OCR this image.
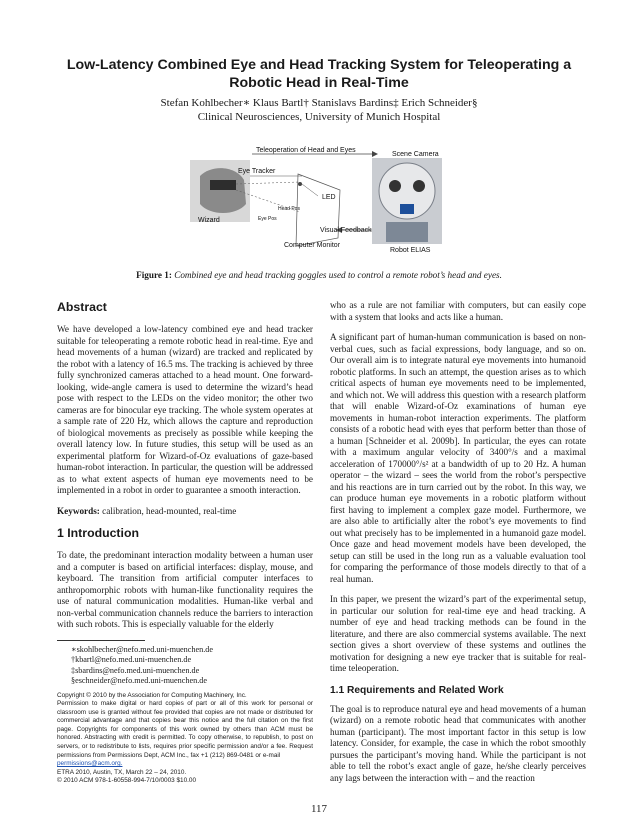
Low-Latency Combined Eye and Head Tracking System for Teleoperating a Robotic Head in Real-Time
Stefan Kohlbecher∗ Klaus Bartl† Stanislavs Bardins‡ Erich Schneider§
Clinical Neurosciences, University of Munich Hospital
Teleoperation of Head and Eyes
Scene Camera
Eye Tracker
LED
Head Pos
Eye Pos
Wizard
Visual Feedback
Computer Monitor
Robot ELIAS
Figure 1: Combined eye and head tracking goggles used to control a remote robot’s head and eyes.
Abstract

We have developed a low-latency combined eye and head tracker suitable for teleoperating a remote robotic head in real-time. Eye and head movements of a human (wizard) are tracked and replicated by the robot with a latency of 16.5 ms. The tracking is achieved by three fully synchronized cameras attached to a head mount. One forward-looking, wide-angle camera is used to determine the wizard’s head pose with respect to the LEDs on the video monitor; the other two cameras are for binocular eye tracking. The whole system operates at a sample rate of 220 Hz, which allows the capture and reproduction of biological movements as precisely as possible while keeping the overall latency low. In future studies, this setup will be used as an experimental platform for Wizard-of-Oz evaluations of gaze-based human-robot interaction. In particular, the question will be addressed as to what extent aspects of human eye movements need to be implemented in a robot in order to guarantee a smooth interaction.

Keywords: calibration, head-mounted, real-time

1 Introduction

To date, the predominant interaction modality between a human user and a computer is based on artificial interfaces: display, mouse, and keyboard. The transition from artificial computer interfaces to anthropomorphic robots with human-like functionality requires the use of natural communication modalities. Human-like verbal and non-verbal communication channels reduce the barriers to interaction with such robots. This is especially valuable for the elderly

∗skohlbecher@nefo.med.uni-muenchen.de

†kbartl@nefo.med.uni-muenchen.de

‡sbardins@nefo.med.uni-muenchen.de

§eschneider@nefo.med.uni-muenchen.de

Copyright © 2010 by the Association for Computing Machinery, Inc.

Permission to make digital or hard copies of part or all of this work for personal or classroom use is granted without fee provided that copies are not made or distributed for commercial advantage and that copies bear this notice and the full citation on the first page. Copyrights for components of this work owned by others than ACM must be honored. Abstracting with credit is permitted. To copy otherwise, to republish, to post on servers, or to redistribute to lists, requires prior specific permission and/or a fee. Request permissions from Permissions Dept, ACM Inc., fax +1 (212) 869-0481 or e-mail

permissions@acm.org.

ETRA 2010, Austin, TX, March 22 – 24, 2010.

© 2010 ACM 978-1-60558-994-7/10/0003 $10.00

who as a rule are not familiar with computers, but can easily cope with a system that looks and acts like a human.

A significant part of human-human communication is based on non-verbal cues, such as facial expressions, body language, and so on. Our overall aim is to integrate natural eye movements into humanoid robotic platforms. In such an attempt, the question arises as to which critical aspects of human eye movements need to be implemented, and which not. We will address this question with a research platform that will enable Wizard-of-Oz examinations of human eye movements in human-robot interaction experiments. The platform consists of a robotic head with eyes that perform better than those of a human [Schneider et al. 2009b]. In particular, the eyes can rotate with a maximum angular velocity of 3400°/s and a maximal acceleration of 170000°/s² at a bandwidth of up to 20 Hz. A human operator – the wizard – sees the world from the robot’s perspective and his reactions are in turn carried out by the robot. In this way, we can produce human eye movements in a robotic platform without first having to implement a complex gaze model. Furthermore, we are also able to artificially alter the robot’s eye movements to find out what precisely has to be implemented in a humanoid gaze model. Once gaze and head movement models have been developed, the setup can still be used in the long run as a valuable evaluation tool for comparing the performance of those models directly to that of a real human.

In this paper, we present the wizard’s part of the experimental setup, in particular our solution for real-time eye and head tracking. A number of eye and head tracking methods can be found in the literature, and there are also commercial systems available. The next section gives a short overview of these systems and outlines the motivation for designing a new eye tracker that is suitable for real-time teleoperation.

1.1 Requirements and Related Work

The goal is to reproduce natural eye and head movements of a human (wizard) on a remote robotic head that communicates with another human (participant). The most important factor in this setup is low latency. Consider, for example, the case in which the robot smoothly pursues the participant’s moving hand. While the participant is not able to tell the robot’s exact angle of gaze, he/she clearly perceives any lags between the interaction with – and the reaction

117
